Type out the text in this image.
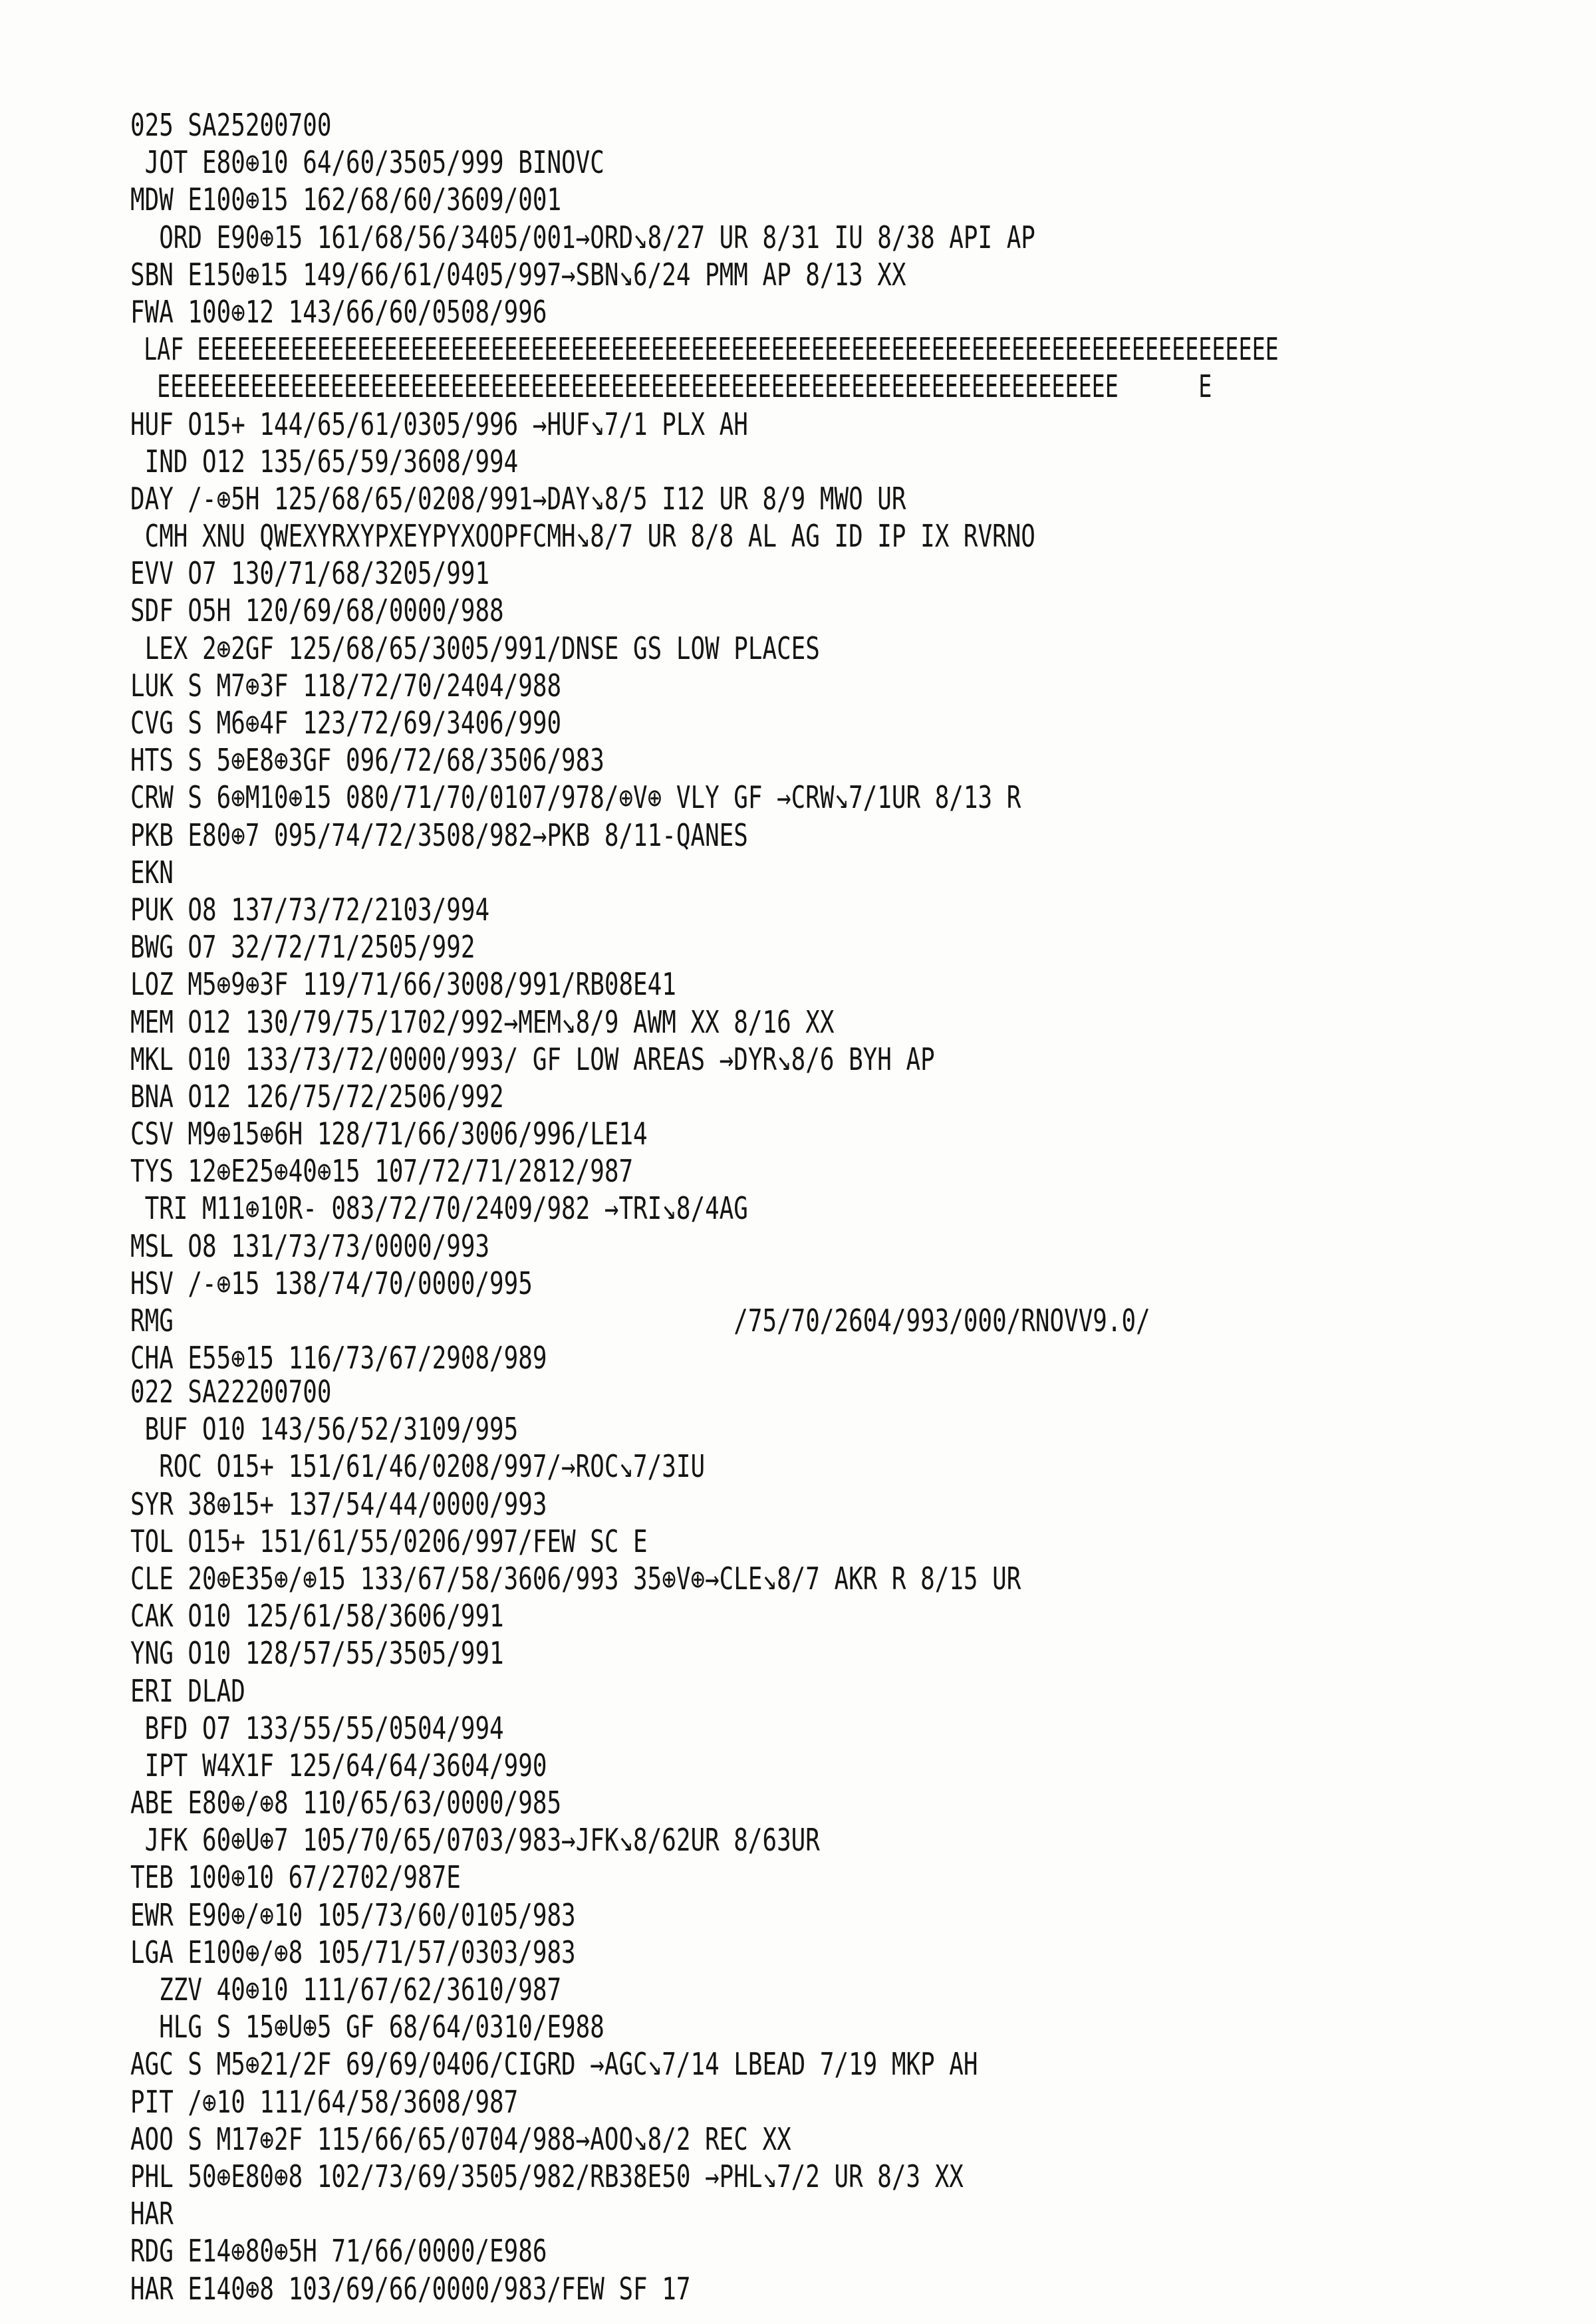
025 SA25200700
JOT E80⊕10 64/60/3505/999 BINOVC
MDW E100⊕15 162/68/60/3609/001
ORD E90⊕15 161/68/56/3405/001→ORD↘8/27 UR 8/31 IU 8/38 API AP
SBN E150⊕15 149/66/61/0405/997→SBN↘6/24 PMM AP 8/13 XX
FWA 100⊕12 143/66/60/0508/996
LAF EEEEEEEEEEEEEEEEEEEEEEEEEEEEEEEEEEEEEEEEEEEEEEEEEEEEEEEEEEEEEEEEEEEEEEEEEEEEEEEEE
EEEEEEEEEEEEEEEEEEEEEEEEEEEEEEEEEEEEEEEEEEEEEEEEEEEEEEEEEEEEEEEEEEEEEEEE      E
HUF O15+ 144/65/61/0305/996 →HUF↘7/1 PLX AH
IND O12 135/65/59/3608/994
DAY /-⊕5H 125/68/65/0208/991→DAY↘8/5 I12 UR 8/9 MWO UR
CMH XNU QWEXYRXYPXEYPYXOOPFCMH↘8/7 UR 8/8 AL AG ID IP IX RVRNO
EVV O7 130/71/68/3205/991
SDF O5H 120/69/68/0000/988
LEX 2⊕2GF 125/68/65/3005/991/DNSE GS LOW PLACES
LUK S M7⊕3F 118/72/70/2404/988
CVG S M6⊕4F 123/72/69/3406/990
HTS S 5⊕E8⊕3GF 096/72/68/3506/983
CRW S 6⊕M10⊕15 080/71/70/0107/978/⊕V⊕ VLY GF →CRW↘7/1UR 8/13 R
PKB E80⊕7 095/74/72/3508/982→PKB 8/11-QANES
EKN
PUK O8 137/73/72/2103/994
BWG O7 32/72/71/2505/992
LOZ M5⊕9⊕3F 119/71/66/3008/991/RB08E41
MEM O12 130/79/75/1702/992→MEM↘8/9 AWM XX 8/16 XX
MKL O10 133/73/72/0000/993/ GF LOW AREAS →DYR↘8/6 BYH AP
BNA O12 126/75/72/2506/992
CSV M9⊕15⊕6H 128/71/66/3006/996/LE14
TYS 12⊕E25⊕40⊕15 107/72/71/2812/987
TRI M11⊕10R- 083/72/70/2409/982 →TRI↘8/4AG
MSL O8 131/73/73/0000/993
HSV /-⊕15 138/74/70/0000/995
RMG                                       /75/70/2604/993/000/RNOVV9.0/
CHA E55⊕15 116/73/67/2908/989
022 SA22200700
BUF O10 143/56/52/3109/995
ROC O15+ 151/61/46/0208/997/→ROC↘7/3IU
SYR 38⊕15+ 137/54/44/0000/993
TOL O15+ 151/61/55/0206/997/FEW SC E
CLE 20⊕E35⊕/⊕15 133/67/58/3606/993 35⊕V⊕→CLE↘8/7 AKR R 8/15 UR
CAK O10 125/61/58/3606/991
YNG O10 128/57/55/3505/991
ERI DLAD
BFD O7 133/55/55/0504/994
IPT W4X1F 125/64/64/3604/990
ABE E80⊕/⊕8 110/65/63/0000/985
JFK 60⊕U⊕7 105/70/65/0703/983→JFK↘8/62UR 8/63UR
TEB 100⊕10 67/2702/987E
EWR E90⊕/⊕10 105/73/60/0105/983
LGA E100⊕/⊕8 105/71/57/0303/983
ZZV 40⊕10 111/67/62/3610/987
HLG S 15⊕U⊕5 GF 68/64/0310/E988
AGC S M5⊕21/2F 69/69/0406/CIGRD →AGC↘7/14 LBEAD 7/19 MKP AH
PIT /⊕10 111/64/58/3608/987
AOO S M17⊕2F 115/66/65/0704/988→AOO↘8/2 REC XX
PHL 50⊕E80⊕8 102/73/69/3505/982/RB38E50 →PHL↘7/2 UR 8/3 XX
HAR
RDG E14⊕80⊕5H 71/66/0000/E986
HAR E140⊕8 103/69/66/0000/983/FEW SF 17
